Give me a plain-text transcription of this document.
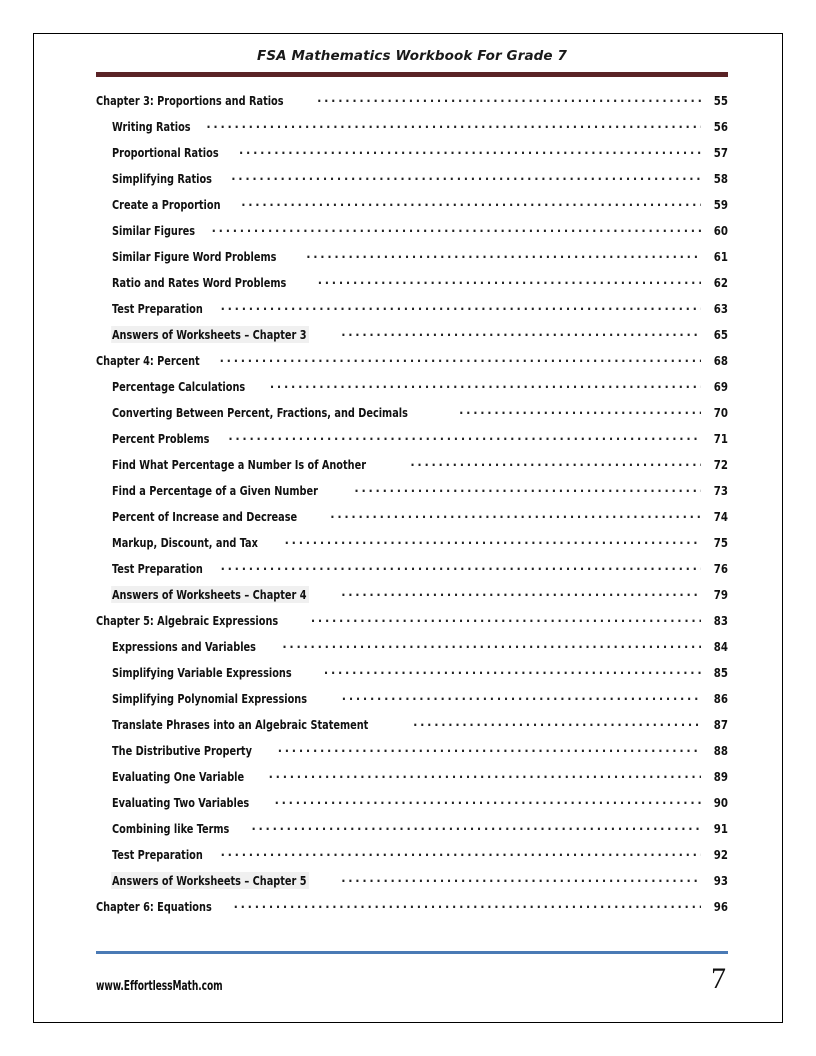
FSA Mathematics Workbook For Grade 7
Chapter 3: Proportions and Ratios . . .	55
Writing Ratios . . .	56
Proportional Ratios . . .	57
Simplifying Ratios . . .	58
Create a Proportion . . .	59
Similar Figures . . .	60
Similar Figure Word Problems . . .	61
Ratio and Rates Word Problems . . .	62
Test Preparation . . .	63
Answers of Worksheets – Chapter 3 . . .	65
Chapter 4: Percent . . .	68
Percentage Calculations . . .	69
Converting Between Percent, Fractions, and Decimals . . .	70
Percent Problems . . .	71
Find What Percentage a Number Is of Another . . .	72
Find a Percentage of a Given Number . . .	73
Percent of Increase and Decrease . . .	74
Markup, Discount, and Tax . . .	75
Test Preparation . . .	76
Answers of Worksheets – Chapter 4 . . .	79
Chapter 5: Algebraic Expressions . . .	83
Expressions and Variables . . .	84
Simplifying Variable Expressions . . .	85
Simplifying Polynomial Expressions . . .	86
Translate Phrases into an Algebraic Statement . . .	87
The Distributive Property . . .	88
Evaluating One Variable . . .	89
Evaluating Two Variables . . .	90
Combining like Terms . . .	91
Test Preparation . . .	92
Answers of Worksheets – Chapter 5 . . .	93
Chapter 6: Equations . . .	96
www.EffortlessMath.com	7
